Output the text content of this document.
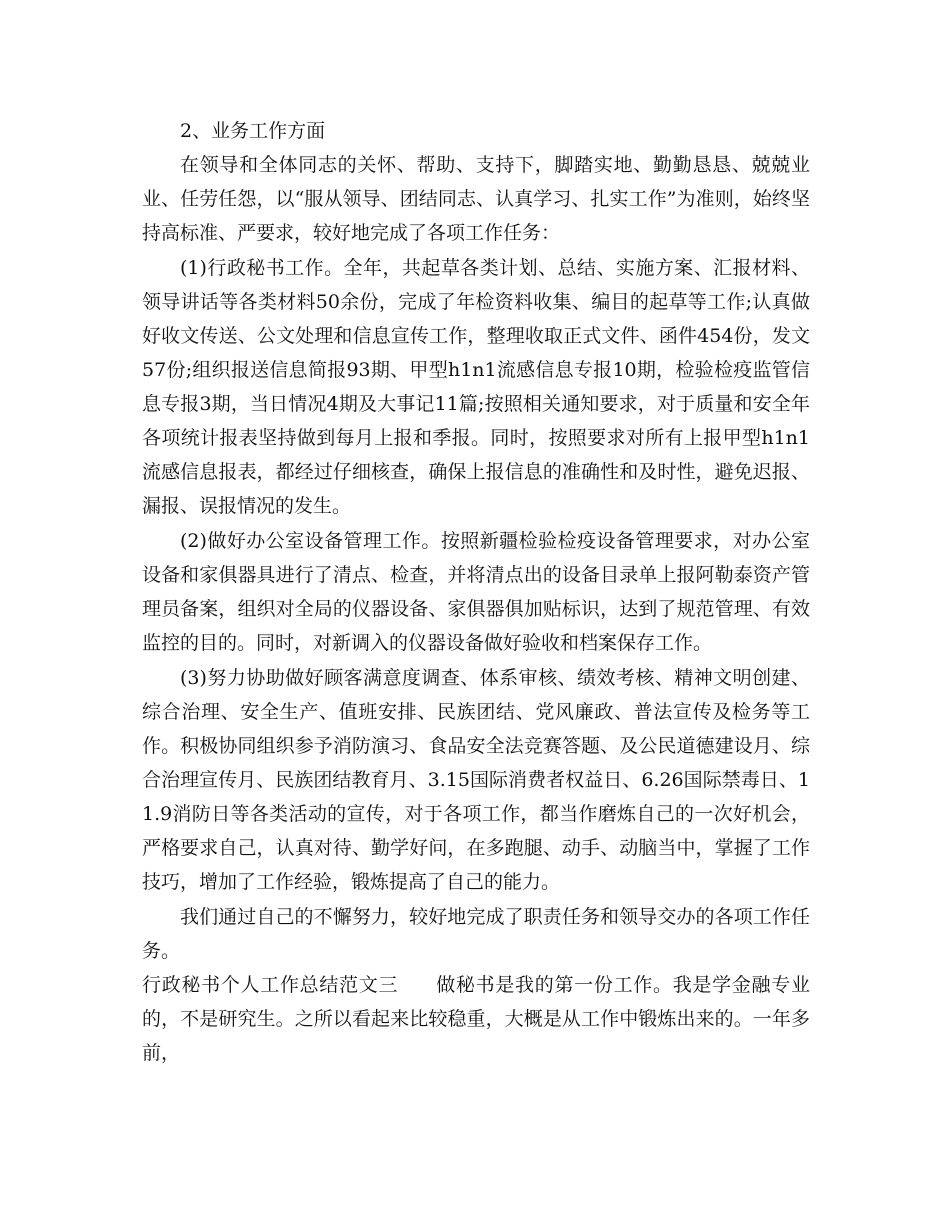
2、业务工作方面

在领导和全体同志的关怀、帮助、支持下，脚踏实地、勤勤恳恳、兢兢业业、任劳任怨，以“服从领导、团结同志、认真学习、扎实工作”为准则，始终坚持高标准、严要求，较好地完成了各项工作任务：

(1)行政秘书工作。全年，共起草各类计划、总结、实施方案、汇报材料、领导讲话等各类材料50余份，完成了年检资料收集、编目的起草等工作;认真做好收文传送、公文处理和信息宣传工作，整理收取正式文件、函件454份，发文57份;组织报送信息简报93期、甲型h1n1流感信息专报10期，检验检疫监管信息专报3期，当日情况4期及大事记11篇;按照相关通知要求，对于质量和安全年各项统计报表坚持做到每月上报和季报。同时，按照要求对所有上报甲型h1n1流感信息报表，都经过仔细核查，确保上报信息的准确性和及时性，避免迟报、漏报、误报情况的发生。

(2)做好办公室设备管理工作。按照新疆检验检疫设备管理要求，对办公室设备和家俱器具进行了清点、检查，并将清点出的设备目录单上报阿勒泰资产管理员备案，组织对全局的仪器设备、家俱器俱加贴标识，达到了规范管理、有效监控的目的。同时，对新调入的仪器设备做好验收和档案保存工作。

(3)努力协助做好顾客满意度调查、体系审核、绩效考核、精神文明创建、综合治理、安全生产、值班安排、民族团结、党风廉政、普法宣传及检务等工作。积极协同组织参予消防演习、食品安全法竞赛答题、及公民道德建设月、综合治理宣传月、民族团结教育月、3.15国际消费者权益日、6.26国际禁毒日、11.9消防日等各类活动的宣传，对于各项工作，都当作磨炼自己的一次好机会，严格要求自己，认真对待、勤学好问，在多跑腿、动手、动脑当中，掌握了工作技巧，增加了工作经验，锻炼提高了自己的能力。

我们通过自己的不懈努力，较好地完成了职责任务和领导交办的各项工作任务。

行政秘书个人工作总结范文三 做秘书是我的第一份工作。我是学金融专业的，不是研究生。之所以看起来比较稳重，大概是从工作中锻炼出来的。一年多前，
